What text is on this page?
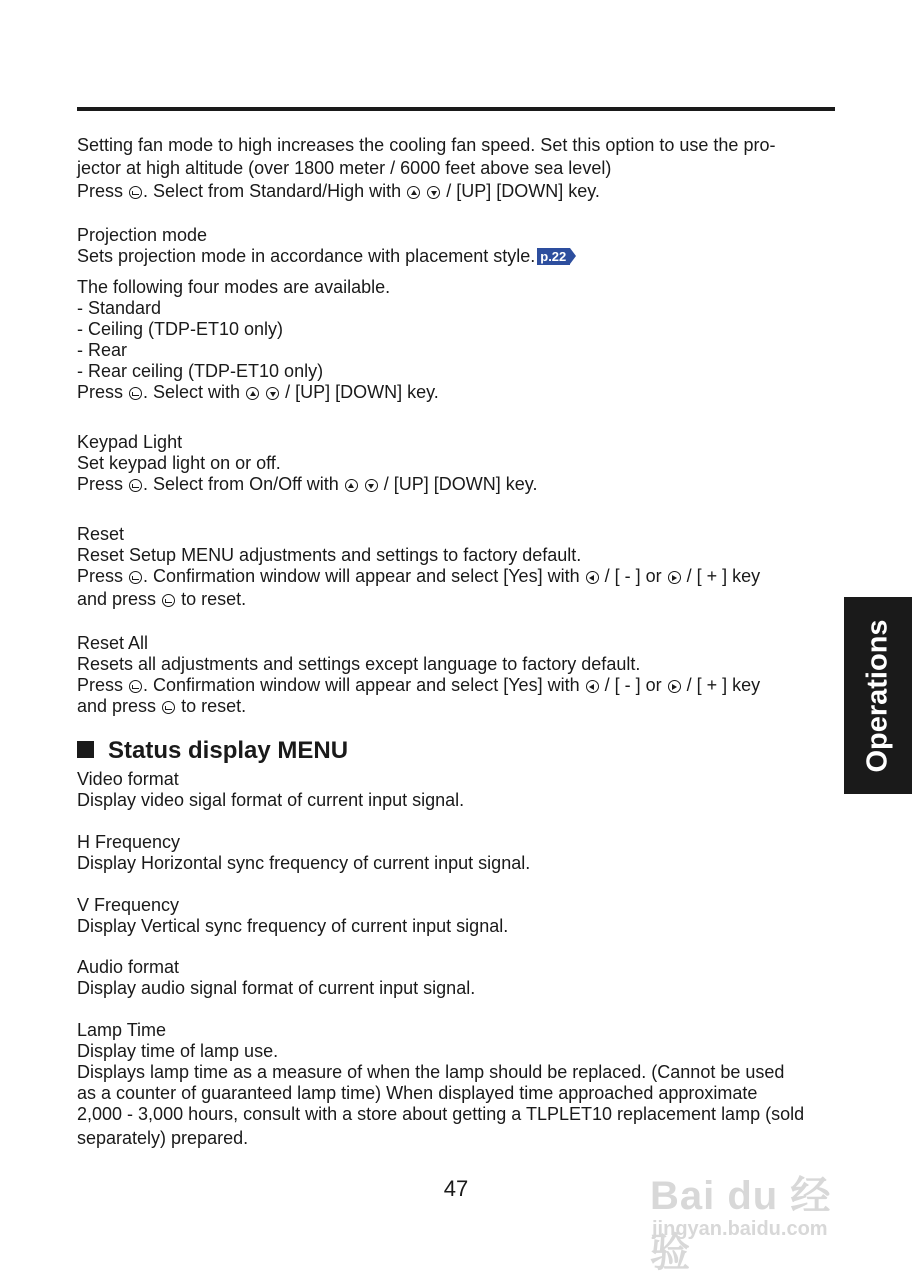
Setting fan mode to high increases the cooling fan speed. Set this option to use the pro-
jector at high altitude (over 1800 meter / 6000 feet above sea level)
Press . Select from Standard/High with   / [UP] [DOWN] key.
Projection mode
Sets projection mode in accordance with placement style. p.22
The following four modes are available.
- Standard
- Ceiling (TDP-ET10 only)
- Rear
- Rear ceiling (TDP-ET10 only)
Press . Select with   / [UP] [DOWN] key.
Keypad Light
Set keypad light on or off.
Press . Select from On/Off with   / [UP] [DOWN] key.
Reset
Reset Setup MENU adjustments and settings to factory default.
Press . Confirmation window will appear and select [Yes] with  / [ - ] or  / [ + ] key
and press  to reset.
Reset All
Resets all adjustments and settings except language to factory default.
Press . Confirmation window will appear and select [Yes] with  / [ - ] or  / [ + ] key
and press  to reset.
Status display MENU
Video format
Display video sigal format of current input signal.
H Frequency
Display Horizontal sync frequency of current input signal.
V Frequency
Display Vertical sync frequency of current input signal.
Audio format
Display audio signal format of current input signal.
Lamp Time
Display time of lamp use.
Displays lamp time as a measure of when the lamp should be replaced. (Cannot be used
as a counter of guaranteed lamp time) When displayed time approached approximate
2,000 - 3,000 hours, consult with a store about getting a TLPLET10 replacement lamp (sold
separately) prepared.
Operations
47	Bai du 经验
jingyan.baidu.com
